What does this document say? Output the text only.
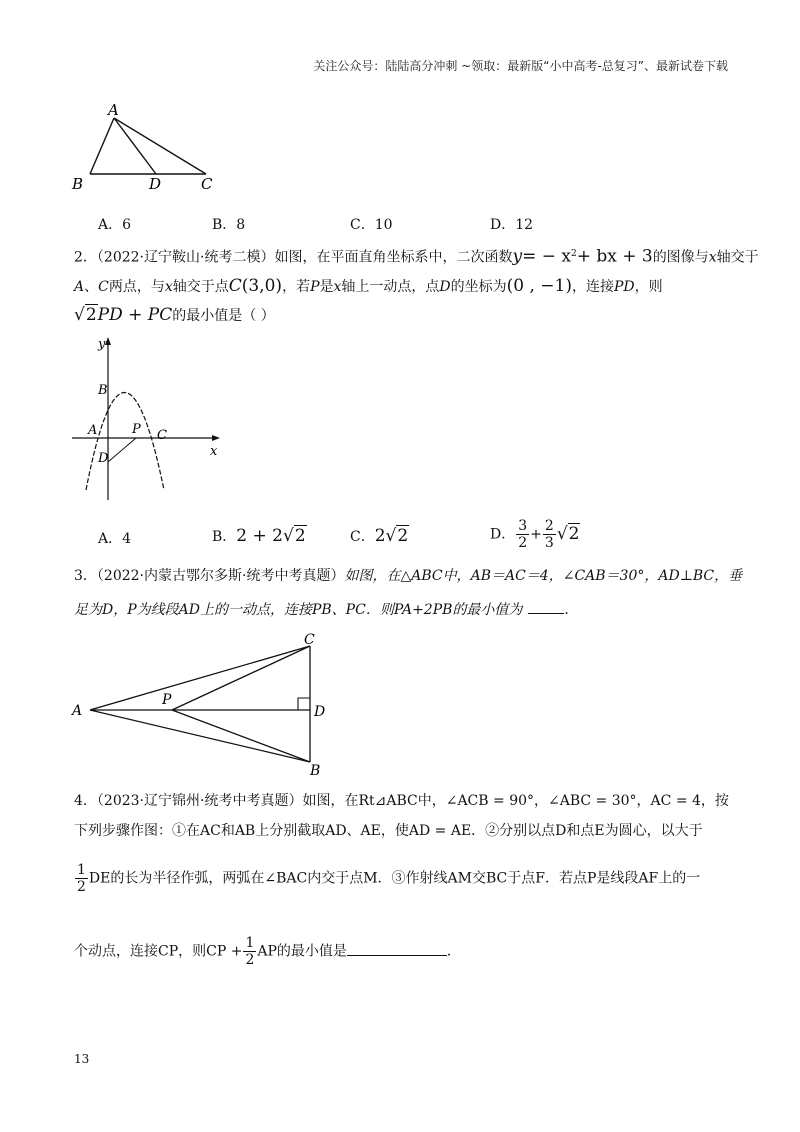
关注公众号：陆陆高分冲刺 ~领取：最新版“小中高考-总复习”、最新试卷下载
A
B	D	C
A．6	B．8	C．10	D．12
2．（2022·辽宁鞍山·统考二模）如图，在平面直角坐标系中，二次函数$y= - x^2+$ bx + 3的图像与x轴交于
A、C两点，与x轴交于点C(3,0)，若P是x轴上一动点，点D的坐标为(0 , −1)，连接PD，则
√2PD + PC的最小值是（ ）
y
B
A	P C
D	x
A．4	B．2 + 2√2	C．2√2	D． $\frac{3}{2} + \frac{2}{3} √2$
3．（2022·内蒙古鄂尔多斯·统考中考真题）如图，在△ABC中，AB＝AC＝4，∠CAB＝30°，AD⊥BC，垂
足为D，P为线段AD上的一动点，连接PB、PC．则PA+2PB的最小值为	．
A
P
C
D
B
4．（2023·辽宁锦州·统考中考真题）如图，在Rt⊿ABC中，∠ACB = 90°，∠ABC = 30°，AC = 4，按
下列步骤作图：①在AC和AB上分别截取AD、AE，使AD = AE．②分别以点D和点E为圆心，以大于
$\frac{1}{2}$ DE的长为半径作弧，两弧在∠BAC内交于点M．③作射线AM交BC于点F．若点P是线段AF上的一
个动点，连接CP，则CP + $\frac{1}{2}$ AP的最小值是	．
13
